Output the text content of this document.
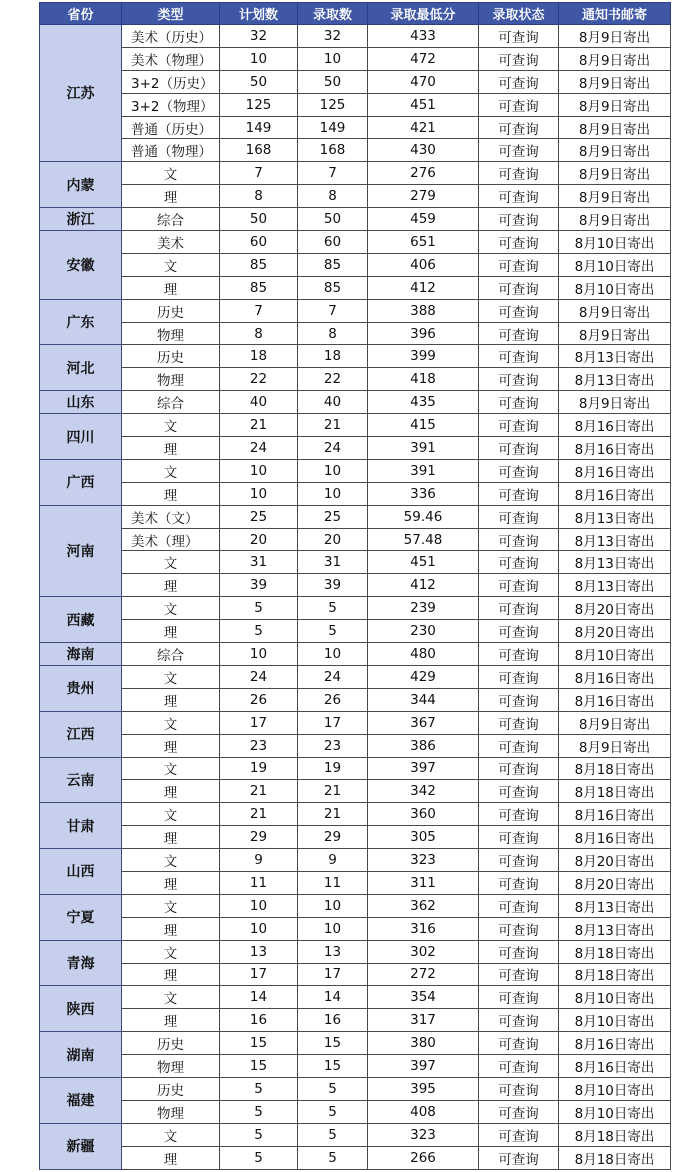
省份	类型	计划数	录取数	录取最低分	录取状态	通知书邮寄
江苏	美术（历史）	32	32	433	可查询	8月9日寄出
	美术（物理）	10	10	472	可查询	8月9日寄出
	3+2（历史）	50	50	470	可查询	8月9日寄出
	3+2（物理）	125	125	451	可查询	8月9日寄出
	普通（历史）	149	149	421	可查询	8月9日寄出
	普通（物理）	168	168	430	可查询	8月9日寄出
内蒙	文	7	7	276	可查询	8月9日寄出
	理	8	8	279	可查询	8月9日寄出
浙江	综合	50	50	459	可查询	8月9日寄出
安徽	美术	60	60	651	可查询	8月10日寄出
	文	85	85	406	可查询	8月10日寄出
	理	85	85	412	可查询	8月10日寄出
广东	历史	7	7	388	可查询	8月9日寄出
	物理	8	8	396	可查询	8月9日寄出
河北	历史	18	18	399	可查询	8月13日寄出
	物理	22	22	418	可查询	8月13日寄出
山东	综合	40	40	435	可查询	8月9日寄出
四川	文	21	21	415	可查询	8月16日寄出
	理	24	24	391	可查询	8月16日寄出
广西	文	10	10	391	可查询	8月16日寄出
	理	10	10	336	可查询	8月16日寄出
河南	美术（文）	25	25	59.46	可查询	8月13日寄出
	美术（理）	20	20	57.48	可查询	8月13日寄出
	文	31	31	451	可查询	8月13日寄出
	理	39	39	412	可查询	8月13日寄出
西藏	文	5	5	239	可查询	8月20日寄出
	理	5	5	230	可查询	8月20日寄出
海南	综合	10	10	480	可查询	8月10日寄出
贵州	文	24	24	429	可查询	8月16日寄出
	理	26	26	344	可查询	8月16日寄出
江西	文	17	17	367	可查询	8月9日寄出
	理	23	23	386	可查询	8月9日寄出
云南	文	19	19	397	可查询	8月18日寄出
	理	21	21	342	可查询	8月18日寄出
甘肃	文	21	21	360	可查询	8月16日寄出
	理	29	29	305	可查询	8月16日寄出
山西	文	9	9	323	可查询	8月20日寄出
	理	11	11	311	可查询	8月20日寄出
宁夏	文	10	10	362	可查询	8月13日寄出
	理	10	10	316	可查询	8月13日寄出
青海	文	13	13	302	可查询	8月18日寄出
	理	17	17	272	可查询	8月18日寄出
陕西	文	14	14	354	可查询	8月10日寄出
	理	16	16	317	可查询	8月10日寄出
湖南	历史	15	15	380	可查询	8月16日寄出
	物理	15	15	397	可查询	8月16日寄出
福建	历史	5	5	395	可查询	8月10日寄出
	物理	5	5	408	可查询	8月10日寄出
新疆	文	5	5	323	可查询	8月18日寄出
	理	5	5	266	可查询	8月18日寄出
